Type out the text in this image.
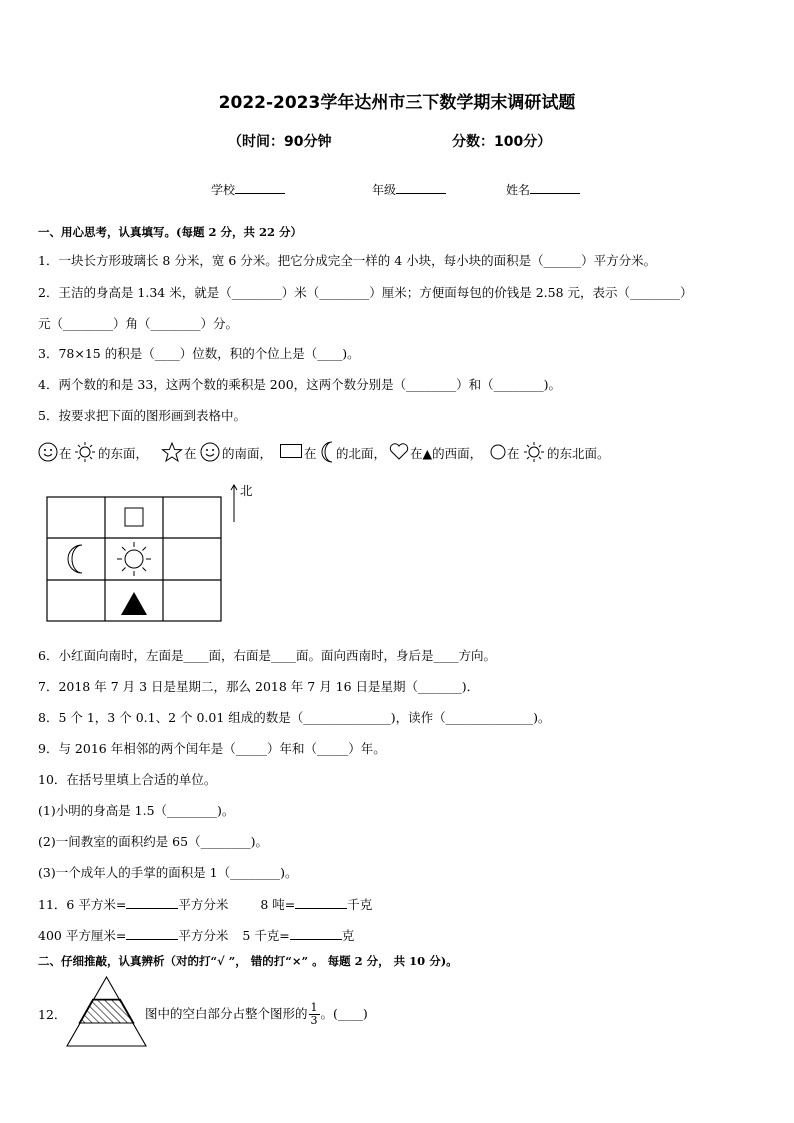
2022-2023学年达州市三下数学期末调研试题
（时间：90分钟	分数：100分）
学校	年级	姓名
一、用心思考，认真填写。(每题 2 分，共 22 分）
1．一块长方形玻璃长 8 分米，宽 6 分米。把它分成完全一样的 4 小块，每小块的面积是（______）平方分米。
2．王洁的身高是 1.34 米，就是（________）米（________）厘米；方便面每包的价钱是 2.58 元，表示（________）
元（________）角（________）分。
3．78×15 的积是（____）位数，积的个位上是（____)。
4．两个数的和是 33，这两个数的乘积是 200，这两个数分别是（________）和（________)。
5．按要求把下面的图形画到表格中。
在 的东面，	在 的南面，	在 的北面， 在▲的西面， 在 的东北面。
北
6．小红面向南时，左面是____面，右面是____面。面向西南时，身后是____方向。
7．2018 年 7 月 3 日是星期二，那么 2018 年 7 月 16 日是星期（_______)．
8．5 个 1，3 个 0.1、2 个 0.01 组成的数是（______________)，读作（______________)。
9．与 2016 年相邻的两个闰年是（_____）年和（_____）年。
10．在括号里填上合适的单位。
(1)小明的身高是 1.5（________)。
(2)一间教室的面积约是 65（________)。
(3)一个成年人的手掌的面积是 1（________)。
11．6 平方米=	平方分米	8 吨=	千克
400 平方厘米=	平方分米 5 千克=	克
二、仔细推敲，认真辨析（对的打“√ ”， 错的打“×” 。 每题 2 分， 共 10 分)。
12．	图中的空白部分占整个图形的 $\frac{1}{3}$ 。(____)
